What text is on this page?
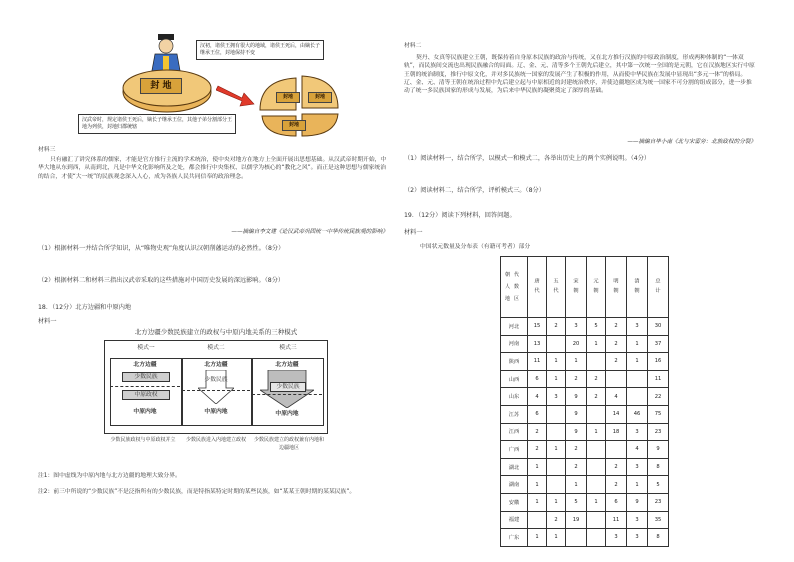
汉初，诸侯王拥有很大的地域，诸侯王死后，由嫡长子继承王位，封地保持不变
封 地
封地	封地
封地
汉武帝时，规定诸侯王死后，嫡长子继承王位，其他子弟分割部分王地为列侯，封地归郡统辖
材料三
只有融汇了讲究体系的儒家，才能是官方推行主流的学术统治，使中央对地方在地方上全面开展出思想基础。从汉武帝时期开始，中华大地从东到西，从南到北，凡是中华文化影响所及之处，都会推行中央集权、以儒学为核心的“教化之风”。而正是这种思想与儒家统治的结合，才使“大一统”的民族观念深入人心，成为各族人民共同信奉的政治理念。
——摘编自李文建《论汉武帝巩固统一中华传统民族观的影响》
（1）根据材料一并结合所学知识，从“唯物史观”角度认识汉朝削藩运动的必然性。（8分）
（2）根据材料二和材料三指出汉武帝采取的这些措施对中国历史发展的深远影响。（8分）
18．（12分）北方边疆和中原内地
材料一
北方边疆少数民族建立的政权与中原内地关系的三种模式
模式一
北方边疆
少数民族
中原政权
中原内地
模式二
北方边疆
少数民族
中原内地
模式三
北方边疆
少数民族
中原内地
少数民族政权与中原政权并立	少数民族进入内地建立政权	少数民族建立的政权兼有内地和边疆地区
注1：图中虚线为中原内地与北方边疆的地理大致分界。
注2：前三中所说的“少数民族”不是泛指所有的少数民族，而是特指某特定时期的某些民族，如“某某王朝时期的某某民族”。
材料二
契丹、女真等民族建立王朝，既保持着自身原本民族的政治与传统，又在北方推行汉族的中原政治制度，形成两种体制的“一体双轨”，而民族间交流也出现民族融合的局面。辽、金、元、清等多个王朝先后建立，其中第一次统一全国的是元朝，它在汉族地区实行中原王朝的统治制度，推行中原文化，并对多民族统一国家的发展产生了积极的作用，从而使中华民族在发展中显现出“多元一体”的格局。辽、金、元、清等王朝在统治过程中先后建立起与中原相近的封建统治秩序，并使边疆地区成为统一国家不可分割的组成部分，进一步推动了统一多民族国家的形成与发展，为后来中华民族的凝聚奠定了深厚的基础。
——摘编自毕小南《北与宋雷旁：北族政权的分裂》
（1）阅读材料一，结合所学，以模式一和模式二，各举出历史上的两个实例说明。（4分）
（2）阅读材料二，结合所学，评析模式三。（8分）
19．（12分）阅读下列材料，回答问题。
材料一
中国状元数量及分布表（有籍可考者）部分
朝代人数地区	唐代	五代	宋朝	元朝	明朝	清朝	总计
河北	15	2	3	5	2	3	30
河南	13		20	1	2	1	37
陕西	11	1	1		2	1	16
山西	6	1	2	2			11
山东	4	3	9	2	4		22
江苏	6		9		14	46	75
江西	2		9	1	18	3	23
广西	2	1	2			4	9
湖北	1		2		2	3	8
湖南	1		1		2	1	5
安徽	1	1	5	1	6	9	23
福建		2	19		11	3	35
广东	1	1			3	3	8
